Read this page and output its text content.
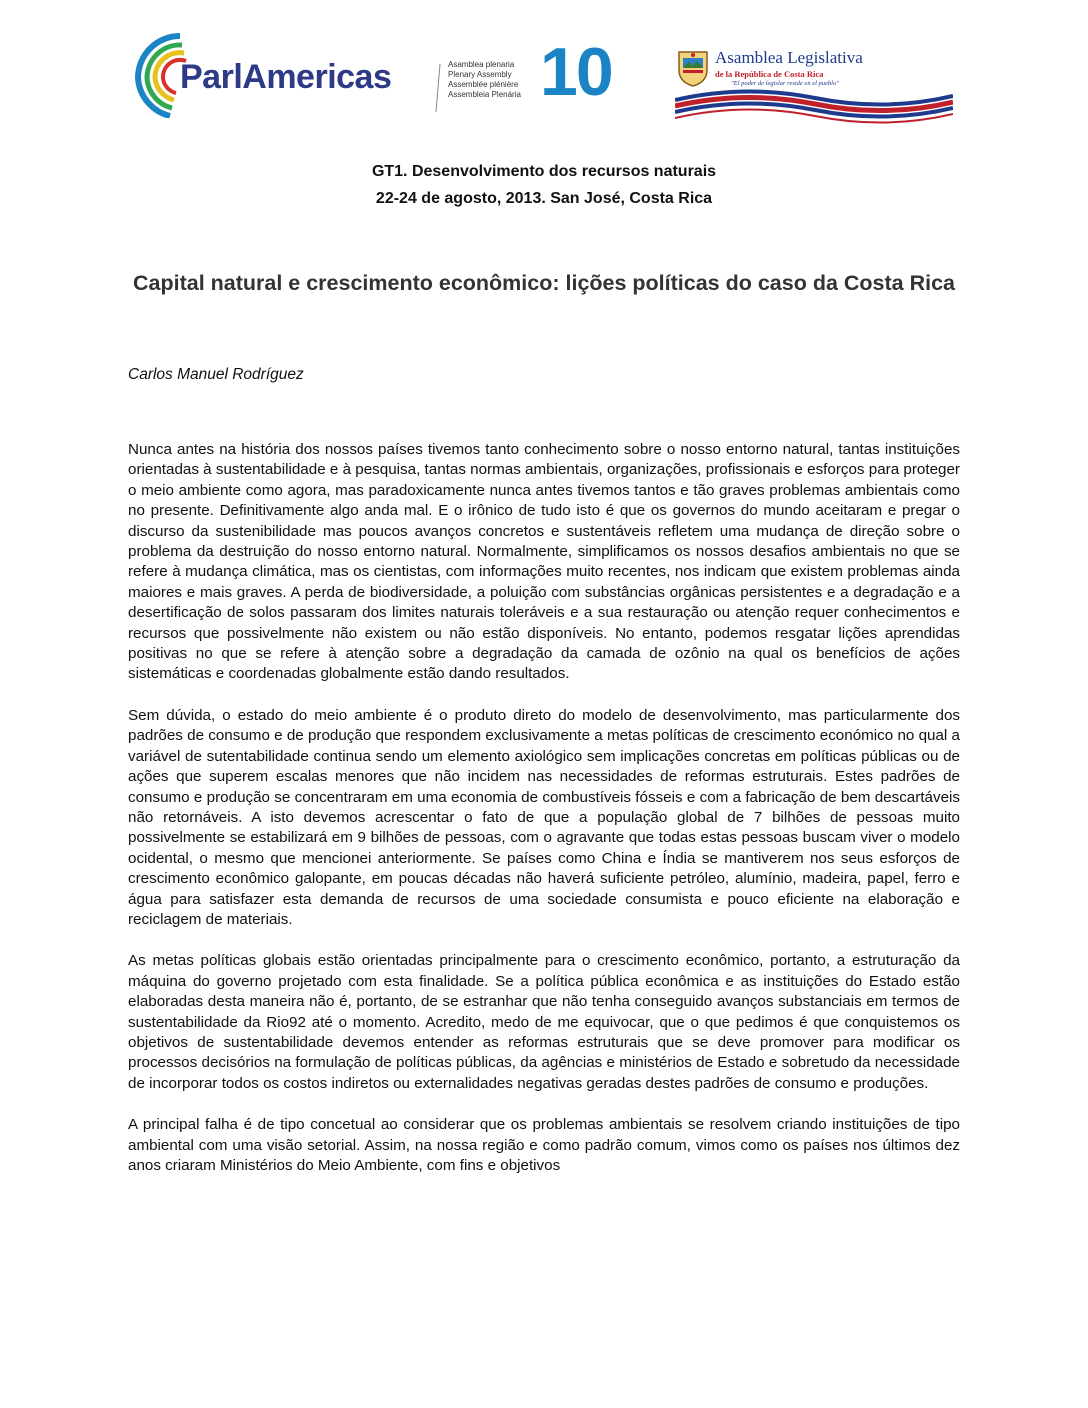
ParlAmericas	Asamblea plenaria
Plenary Assembly
Assemblée plénière
Assembleia Plenária 10	Asamblea Legislativa
de la República de Costa Rica
"El poder de legislar reside en el pueblo"
GT1. Desenvolvimento dos recursos naturais
22-24 de agosto, 2013. San José, Costa Rica
Capital natural e crescimento econômico: lições políticas do caso da Costa Rica
Carlos Manuel Rodríguez

Nunca antes na história dos nossos países tivemos tanto conhecimento sobre o nosso entorno natural, tantas instituições orientadas à sustentabilidade e à pesquisa, tantas normas ambientais, organizações, profissionais e esforços para proteger o meio ambiente como agora, mas paradoxicamente nunca antes tivemos tantos e tão graves problemas ambientais como no presente. Definitivamente algo anda mal. E o irônico de tudo isto é que os governos do mundo aceitaram e pregar o discurso da sustenibilidade mas poucos avanços concretos e sustentáveis refletem uma mudança de direção sobre o problema da destruição do nosso entorno natural. Normalmente, simplificamos os nossos desafios ambientais no que se refere à mudança climática, mas os cientistas, com informações muito recentes, nos indicam que existem problemas ainda maiores e mais graves. A perda de biodiversidade, a poluição com substâncias orgânicas persistentes e a degradação e a desertificação de solos passaram dos limites naturais toleráveis e a sua restauração ou atenção requer conhecimentos e recursos que possivelmente não existem ou não estão disponíveis. No entanto, podemos resgatar lições aprendidas positivas no que se refere à atenção sobre a degradação da camada de ozônio na qual os benefícios de ações sistemáticas e coordenadas globalmente estão dando resultados.

Sem dúvida, o estado do meio ambiente é o produto direto do modelo de desenvolvimento, mas particularmente dos padrões de consumo e de produção que respondem exclusivamente a metas políticas de crescimento económico no qual a variável de sutentabilidade continua sendo um elemento axiológico sem implicações concretas em políticas públicas ou de ações que superem escalas menores que não incidem nas necessidades de reformas estruturais. Estes padrões de consumo e produção se concentraram em uma economia de combustíveis fósseis e com a fabricação de bem descartáveis não retornáveis. A isto devemos acrescentar o fato de que a população global de 7 bilhões de pessoas muito possivelmente se estabilizará em 9 bilhões de pessoas, com o agravante que todas estas pessoas buscam viver o modelo ocidental, o mesmo que mencionei anteriormente. Se países como China e Índia se mantiverem nos seus esforços de crescimento econômico galopante, em poucas décadas não haverá suficiente petróleo, alumínio, madeira, papel, ferro e água para satisfazer esta demanda de recursos de uma sociedade consumista e pouco eficiente na elaboração e reciclagem de materiais.

As metas políticas globais estão orientadas principalmente para o crescimento econômico, portanto, a estruturação da máquina do governo projetado com esta finalidade. Se a política pública econômica e as instituições do Estado estão elaboradas desta maneira não é, portanto, de se estranhar que não tenha conseguido avanços substanciais em termos de sustentabilidade da Rio92 até o momento. Acredito, medo de me equivocar, que o que pedimos é que conquistemos os objetivos de sustentabilidade devemos entender as reformas estruturais que se deve promover para modificar os processos decisórios na formulação de políticas públicas, da agências e ministérios de Estado e sobretudo da necessidade de incorporar todos os costos indiretos ou externalidades negativas geradas destes padrões de consumo e produções.

A principal falha é de tipo concetual ao considerar que os problemas ambientais se resolvem criando instituições de tipo ambiental com uma visão setorial. Assim, na nossa região e como padrão comum, vimos como os países nos últimos dez anos criaram Ministérios do Meio Ambiente, com fins e objetivos
